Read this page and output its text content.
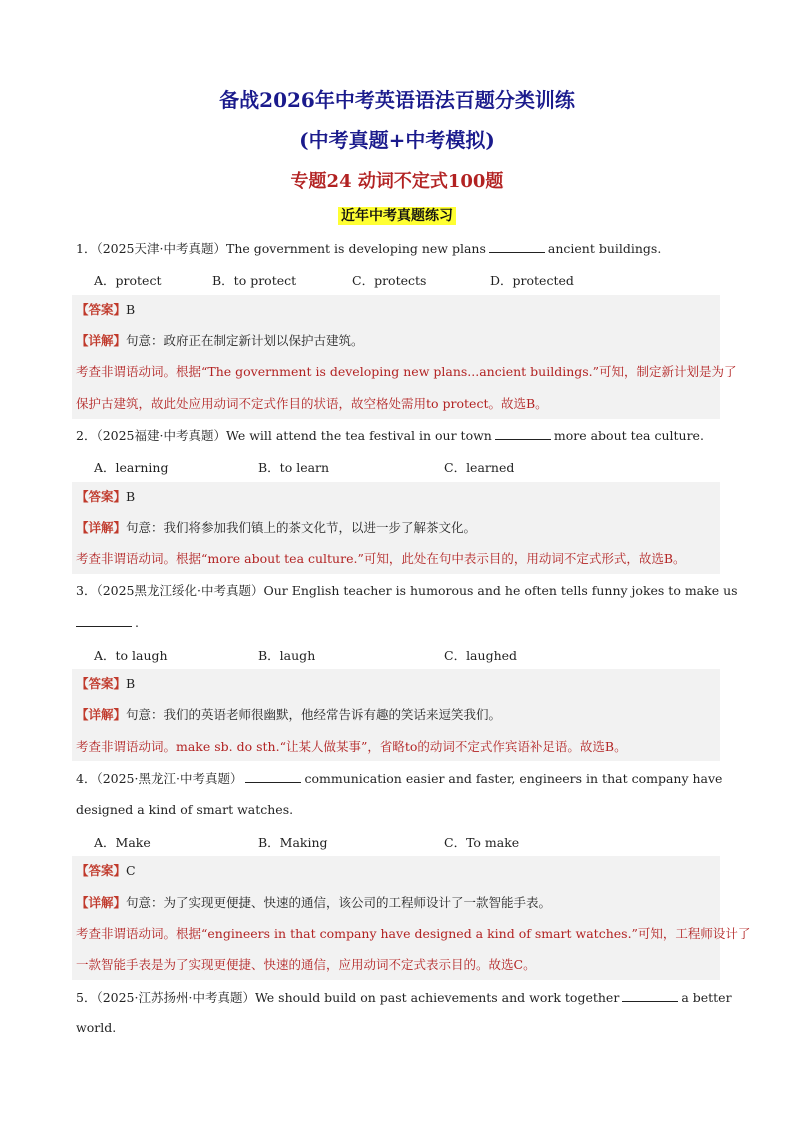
备战2026年中考英语语法百题分类训练
(中考真题+中考模拟)
专题24 动词不定式100题
近年中考真题练习
1．（2025天津·中考真题）The government is developing new plans	ancient buildings.
A．protect	B．to protect	C．protects	D．protected
【答案】B
【详解】句意：政府正在制定新计划以保护古建筑。
考查非谓语动词。根据“The government is developing new plans...ancient buildings.”可知，制定新计划是为了
保护古建筑，故此处应用动词不定式作目的状语，故空格处需用to protect。故选B。
2．（2025福建·中考真题）We will attend the tea festival in our town	more about tea culture.
A．learning	B．to learn	C．learned
【答案】B
【详解】句意：我们将参加我们镇上的茶文化节，以进一步了解茶文化。
考查非谓语动词。根据“more about tea culture.”可知，此处在句中表示目的，用动词不定式形式，故选B。
3．（2025黑龙江绥化·中考真题）Our English teacher is humorous and he often tells funny jokes to make us
.
A．to laugh	B．laugh	C．laughed
【答案】B
【详解】句意：我们的英语老师很幽默，他经常告诉有趣的笑话来逗笑我们。
考查非谓语动词。make sb. do sth.“让某人做某事”，省略to的动词不定式作宾语补足语。故选B。
4．（2025·黑龙江·中考真题）	communication easier and faster, engineers in that company have
designed a kind of smart watches.
A．Make	B．Making	C．To make
【答案】C
【详解】句意：为了实现更便捷、快速的通信，该公司的工程师设计了一款智能手表。
考查非谓语动词。根据“engineers in that company have designed a kind of smart watches.”可知，工程师设计了
一款智能手表是为了实现更便捷、快速的通信，应用动词不定式表示目的。故选C。
5．（2025·江苏扬州·中考真题）We should build on past achievements and work together	a better
world.
